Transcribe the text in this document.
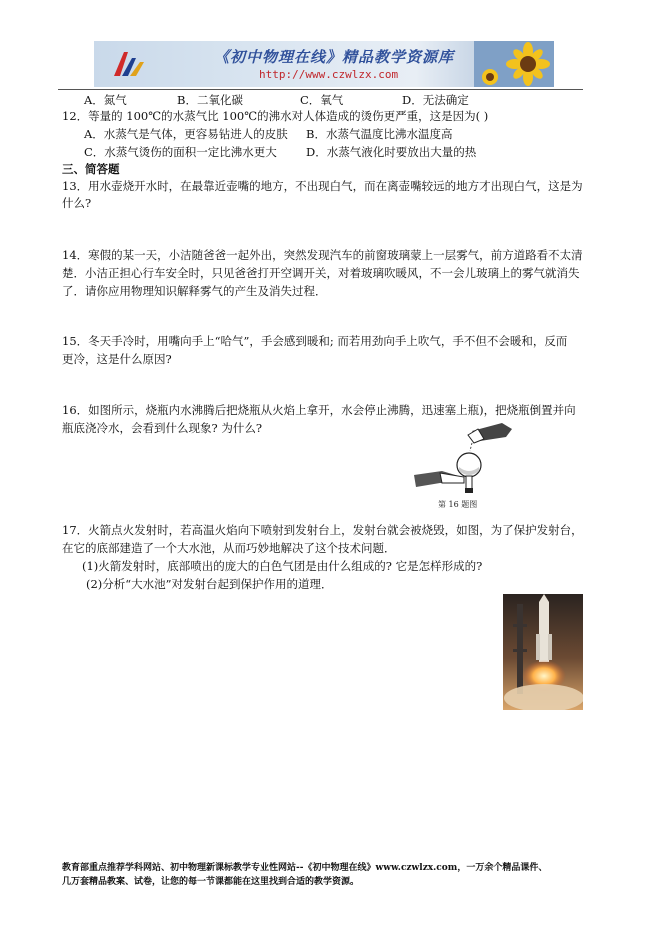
《初中物理在线》精品教学资源库
http://www.czwlzx.com
A．氮气	B．二氧化碳	C．氧气	D．无法确定
12．等量的 100℃的水蒸气比 100℃的沸水对人体造成的烫伤更严重，这是因为( )
A．水蒸气是气体，更容易钻进人的皮肤 B．水蒸气温度比沸水温度高
C．水蒸气烫伤的面积一定比沸水更大	D．水蒸气液化时要放出大量的热
三、简答题
13．用水壶烧开水时，在最靠近壶嘴的地方，不出现白气，而在离壶嘴较远的地方才出现白气，这是为
什么?
14．寒假的某一天，小洁随爸爸一起外出，突然发现汽车的前窗玻璃蒙上一层雾气，前方道路看不太清
楚．小洁正担心行车安全时，只见爸爸打开空调开关，对着玻璃吹暖风，不一会儿玻璃上的雾气就消失
了．请你应用物理知识解释雾气的产生及消失过程．
15．冬天手冷时，用嘴向手上“哈气”，手会感到暖和; 而若用劲向手上吹气，手不但不会暖和，反而
更冷，这是什么原因?
16．如图所示，烧瓶内水沸腾后把烧瓶从火焰上拿开，水会停止沸腾，迅速塞上瓶)，把烧瓶倒置并向
瓶底浇冷水，会看到什么现象? 为什么?
第 16 题图
17．火箭点火发射时，若高温火焰向下喷射到发射台上，发射台就会被烧毁，如图，为了保护发射台，
在它的底部建造了一个大水池，从而巧妙地解决了这个技术问题．
(1)火箭发射时，底部喷出的庞大的白色气团是由什么组成的? 它是怎样形成的?
(2)分析“大水池”对发射台起到保护作用的道理．
教育部重点推荐学科网站、初中物理新课标教学专业性网站--《初中物理在线》www.czwlzx.com，一万余个精品课件、
几万套精品教案、试卷，让您的每一节课都能在这里找到合适的教学资源。
